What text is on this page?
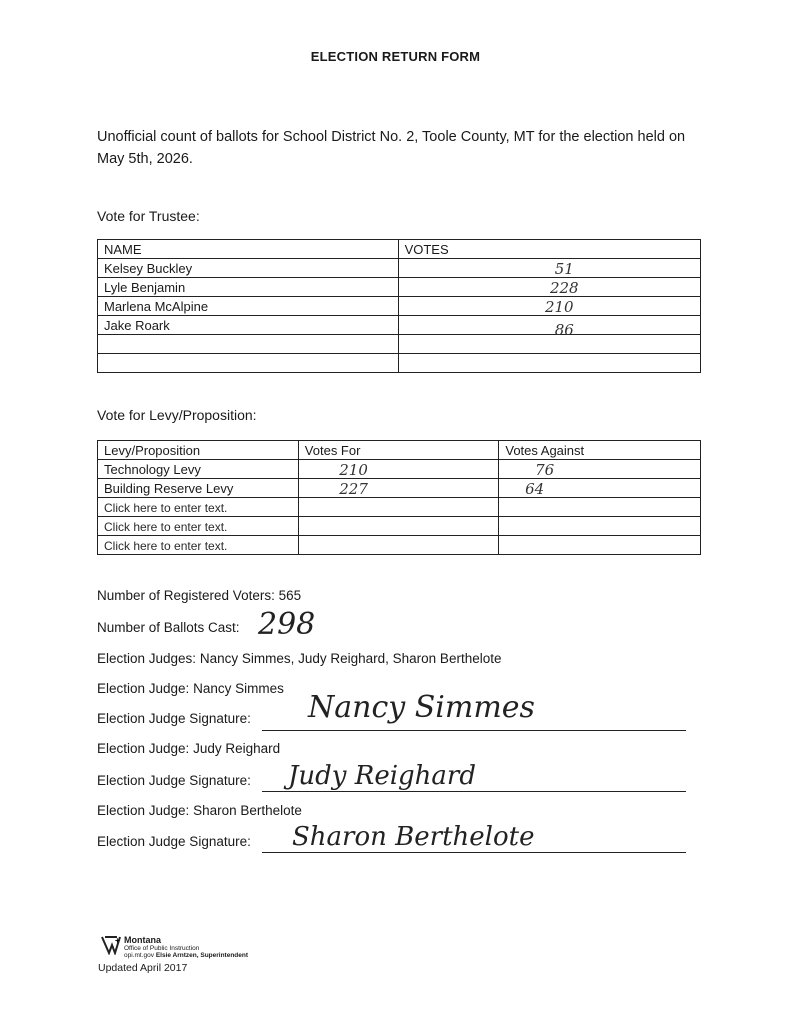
ELECTION RETURN FORM
Unofficial count of ballots for School District No. 2, Toole County, MT for the election held on May 5th, 2026.
Vote for Trustee:
NAME	VOTES
Kelsey Buckley	51
Lyle Benjamin	228
Marlena McAlpine	210
Jake Roark	86

Vote for Levy/Proposition:
Levy/Proposition	Votes For	Votes Against
Technology Levy	210	76
Building Reserve Levy	227	64
Click here to enter text.		
Click here to enter text.		
Click here to enter text.		
Number of Registered Voters: 565
Number of Ballots Cast: 298
Election Judges: Nancy Simmes, Judy Reighard, Sharon Berthelote
Election Judge: Nancy Simmes
Election Judge Signature: Nancy Simmes
Election Judge: Judy Reighard
Election Judge Signature: Judy Reighard
Election Judge: Sharon Berthelote
Election Judge Signature: Sharon Berthelote
+ Montana
Office of Public Instruction
opi.mt.gov Elsie Arntzen, Superintendent
Updated April 2017
